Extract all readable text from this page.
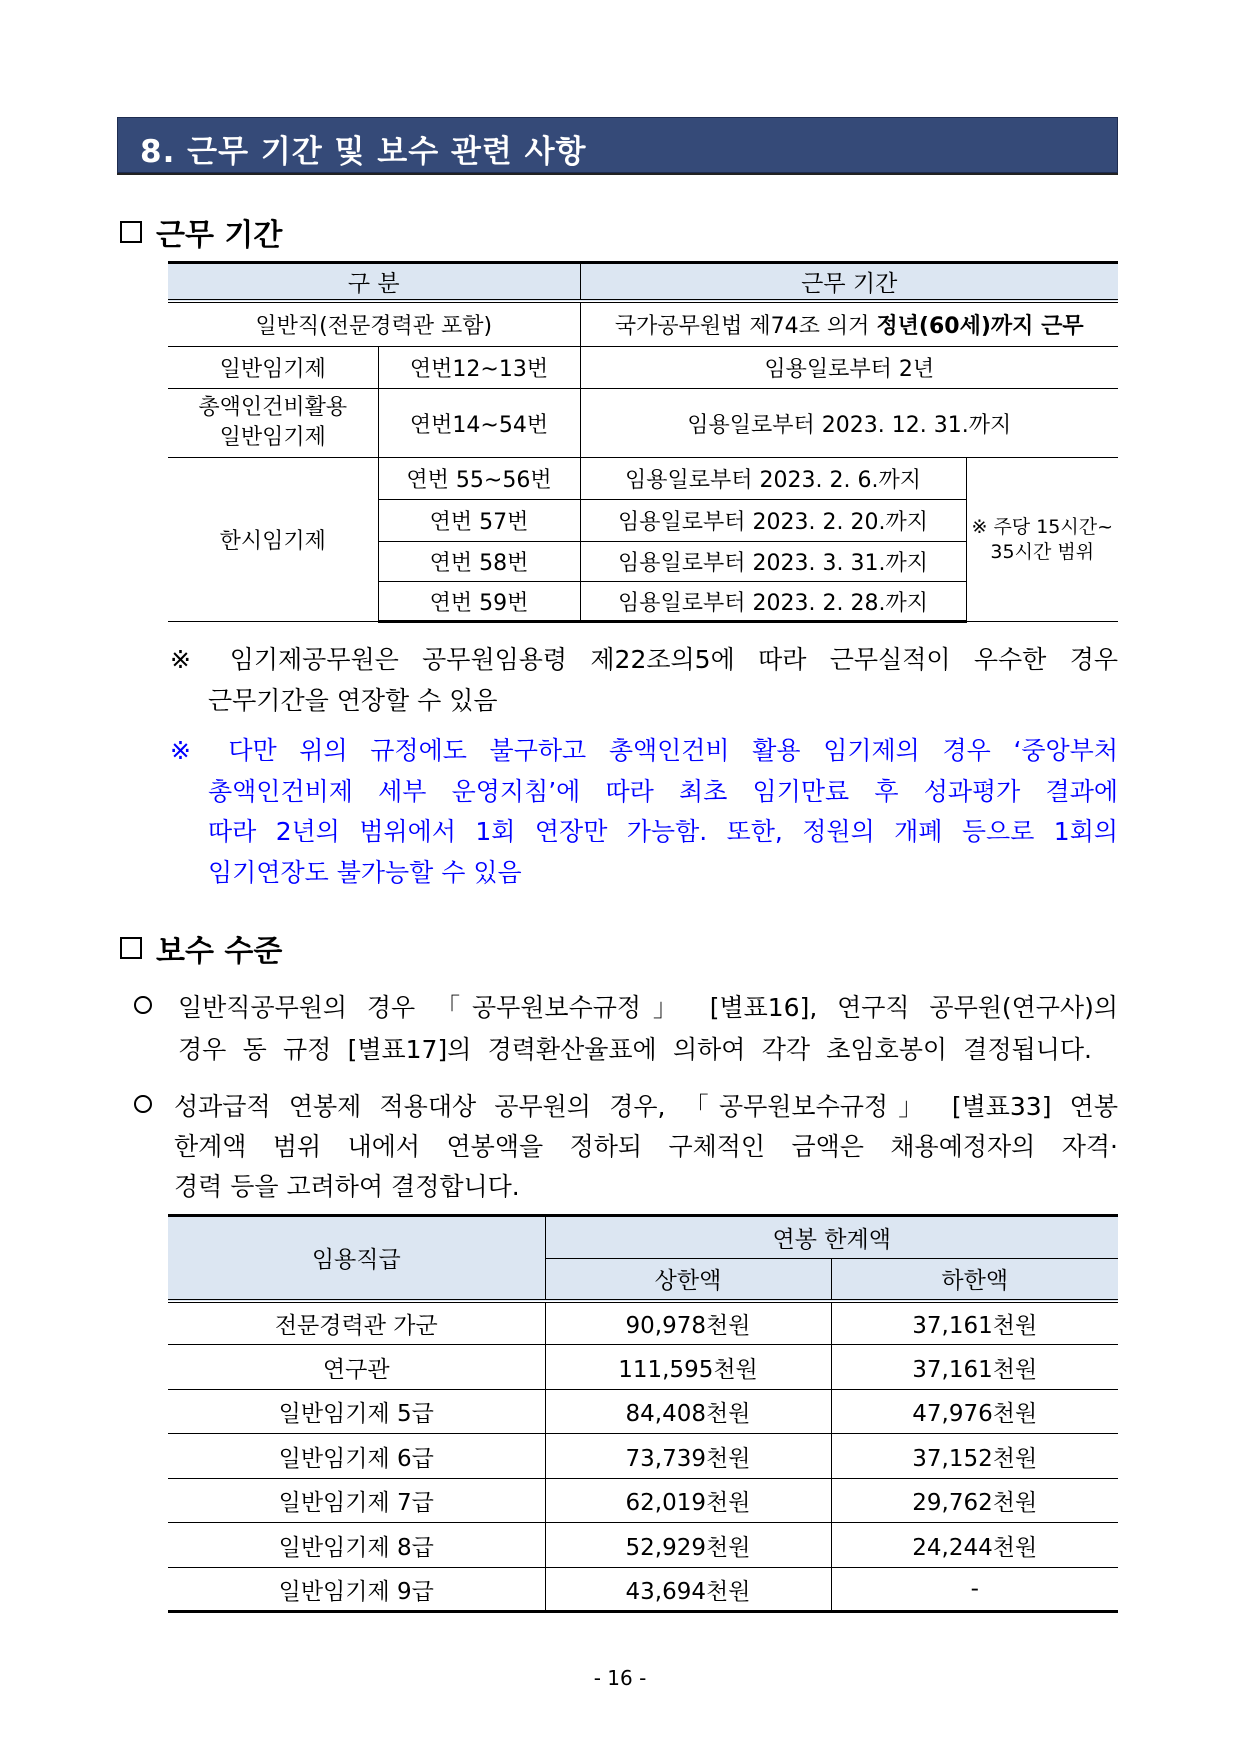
8. 근무 기간 및 보수 관련 사항
근무 기간
구 분		근무 기간	
일반직(전문경력관 포함)		국가공무원법 제74조 의거 정년(60세)까지 근무	
일반임기제	연번12~13번	임용일로부터 2년	

총액인건비활용
일반임기제	연번14~54번	임용일로부터 2023. 12. 31.까지	
한시임기제	연번 55~56번	임용일로부터 2023. 2. 6.까지	※ 주당 15시간~
35시간 범위

	연번 57번	임용일로부터 2023. 2. 20.까지	
	연번 58번	임용일로부터 2023. 3. 31.까지	
	연번 59번	임용일로부터 2023. 2. 28.까지	
※ 임기제공무원은 공무원임용령 제22조의5에 따라 근무실적이 우수한 경우
근무기간을 연장할 수 있음
※ 다만 위의 규정에도 불구하고 총액인건비 활용 임기제의 경우 ‘중앙부처
총액인건비제 세부 운영지침’에 따라 최초 임기만료 후 성과평가 결과에
따라 2년의 범위에서 1회 연장만 가능함. 또한, 정원의 개폐 등으로 1회의
임기연장도 불가능할 수 있음
보수 수준
일반직공무원의 경우 「공무원보수규정」 [별표16], 연구직 공무원(연구사)의
경우 동 규정 [별표17]의 경력환산율표에 의하여 각각 초임호봉이 결정됩니다.
성과급적 연봉제 적용대상 공무원의 경우, 「공무원보수규정」 [별표33] 연봉
한계액 범위 내에서 연봉액을 정하되 구체적인 금액은 채용예정자의 자격·
경력 등을 고려하여 결정합니다.
임용직급	연봉 한계액	
	상한액	하한액
전문경력관 가군	90,978천원	37,161천원
연구관	111,595천원	37,161천원
일반임기제 5급	84,408천원	47,976천원
일반임기제 6급	73,739천원	37,152천원
일반임기제 7급	62,019천원	29,762천원
일반임기제 8급	52,929천원	24,244천원
일반임기제 9급	43,694천원	-
- 16 -
